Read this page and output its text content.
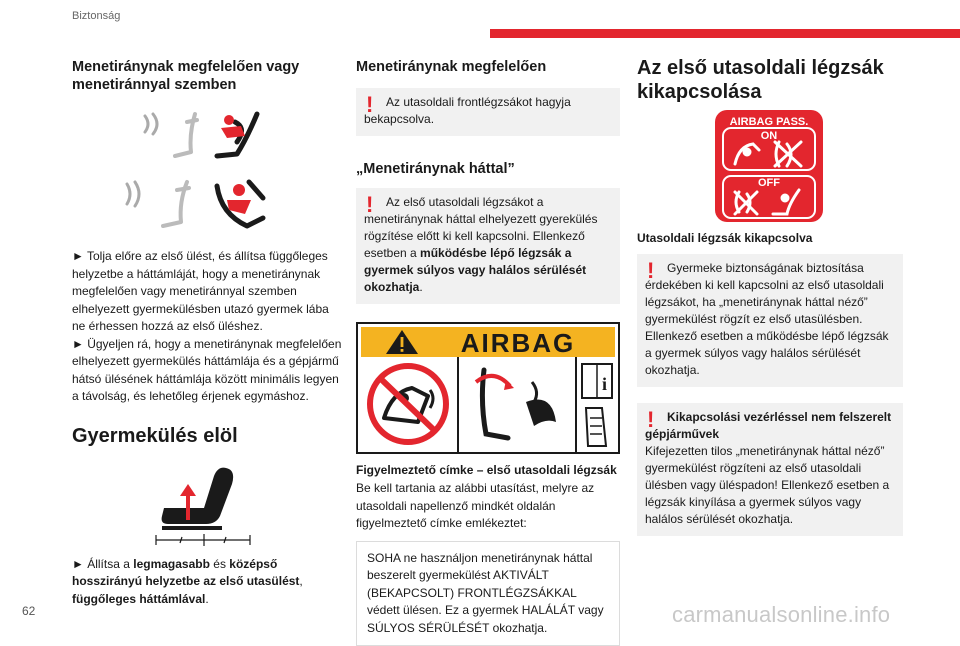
Biztonság
Menetiránynak megfelelően vagy menetiránnyal szemben

► Tolja előre az első ülést, és állítsa függőleges helyzetbe a háttámláját, hogy a menetiránynak megfelelően vagy menetiránnyal szemben elhelyezett gyermekülésben utazó gyermek lába ne érhessen hozzá az első üléshez.

► Ügyeljen rá, hogy a menetiránynak megfelelően elhelyezett gyermekülés háttámlája és a gépjármű hátsó ülésének háttámlája között minimális legyen a távolság, és lehetőleg érjenek egymáshoz.

Gyermekülés elöl

► Állítsa a legmagasabb és középső hosszirányú helyzetbe az első utasülést, függőleges háttámlával.

Menetiránynak megfelelően
!	Az utasoldali frontlégzsákot hagyja bekapcsolva.
„Menetiránynak háttal”
!	Az első utasoldali légzsákot a menetiránynak háttal elhelyezett gyerekülés rögzítése előtt ki kell kapcsolni. Ellenkező esetben a működésbe lépő légzsák a gyermek súlyos vagy halálos sérülését okozhatja.
AIRBAG
i
Figyelmeztető címke – első utasoldali légzsák

Be kell tartania az alábbi utasítást, melyre az utasoldali napellenző mindkét oldalán figyelmeztető címke emlékeztet:

SOHA ne használjon menetiránynak háttal beszerelt gyermekülést AKTIVÁLT (BEKAPCSOLT) FRONTLÉGZSÁKKAL védett ülésen. Ez a gyermek HALÁLÁT vagy SÚLYOS SÉRÜLÉSÉT okozhatja.
Az első utasoldali légzsák kikapcsolása
AIRBAG PASS.
ON
OFF
Utasoldali légzsák kikapcsolva
!	Gyermeke biztonságának biztosítása érdekében ki kell kapcsolni az első utasoldali légzsákot, ha „menetiránynak háttal néző” gyermekülést rögzít ez első utasülésben. Ellenkező esetben a működésbe lépő légzsák a gyermek súlyos vagy halálos sérülését okozhatja.
!	Kikapcsolási vezérléssel nem felszerelt gépjárművek
Kifejezetten tilos „menetiránynak háttal néző” gyermekülést rögzíteni az első utasoldali ülésben vagy üléspadon! Ellenkező esetben a légzsák kinyílása a gyermek súlyos vagy halálos sérülését okozhatja.
62	carmanualsonline.info
